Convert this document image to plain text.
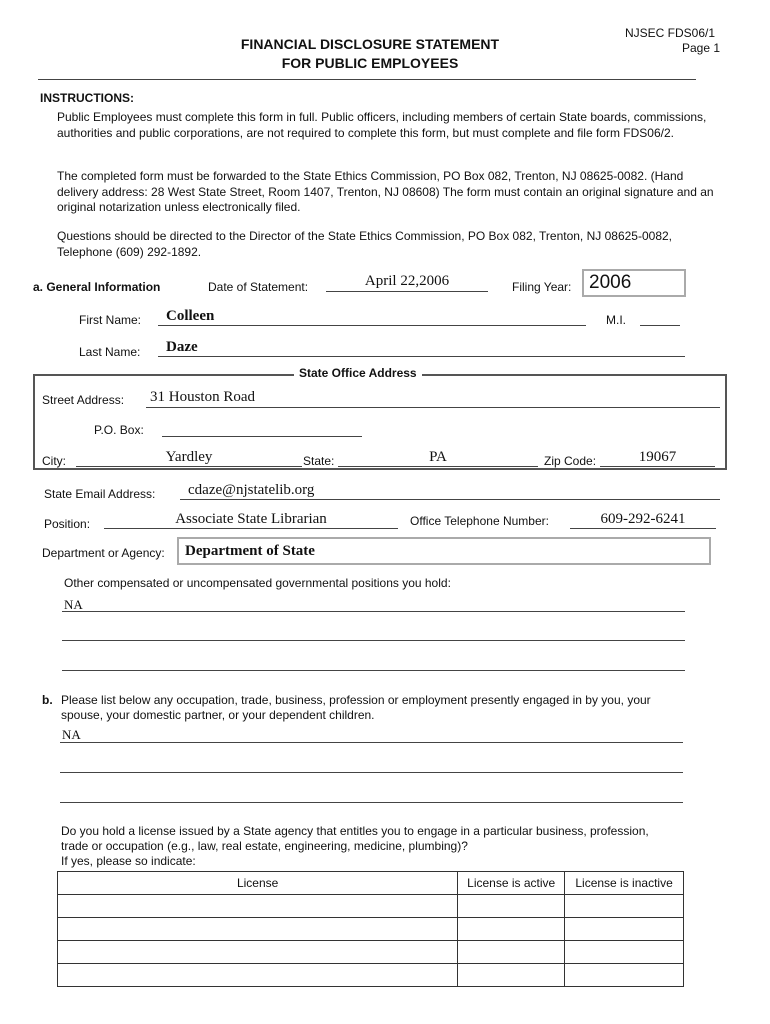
NJSEC FDS06/1
Page 1
FINANCIAL DISCLOSURE STATEMENT
FOR PUBLIC EMPLOYEES
INSTRUCTIONS:
Public Employees must complete this form in full. Public officers, including members of certain State boards, commissions, authorities and public corporations, are not required to complete this form, but must complete and file form FDS06/2.
The completed form must be forwarded to the State Ethics Commission, PO Box 082, Trenton, NJ 08625-0082. (Hand delivery address: 28 West State Street, Room 1407, Trenton, NJ 08608) The form must contain an original signature and an original notarization unless electronically filed.
Questions should be directed to the Director of the State Ethics Commission, PO Box 082, Trenton, NJ 08625-0082, Telephone (609) 292-1892.
a. General Information	Date of Statement:	April 22,2006	Filing Year: 2006
First Name: Colleen	M.I.
Last Name: Daze
State Office Address
Street Address: 31 Houston Road
P.O. Box:
City:	Yardley	State:	PA	Zip Code:	19067
State Email Address: cdaze@njstatelib.org
Position:	Associate State Librarian	Office Telephone Number:	609-292-6241
Department or Agency:	Department of State
Other compensated or uncompensated governmental positions you hold:
NA
b. Please list below any occupation, trade, business, profession or employment presently engaged in by you, your
spouse, your domestic partner, or your dependent children.
NA
Do you hold a license issued by a State agency that entitles you to engage in a particular business, profession,
trade or occupation (e.g., law, real estate, engineering, medicine, plumbing)?
If yes, please so indicate:
License	License is active	License is inactive
